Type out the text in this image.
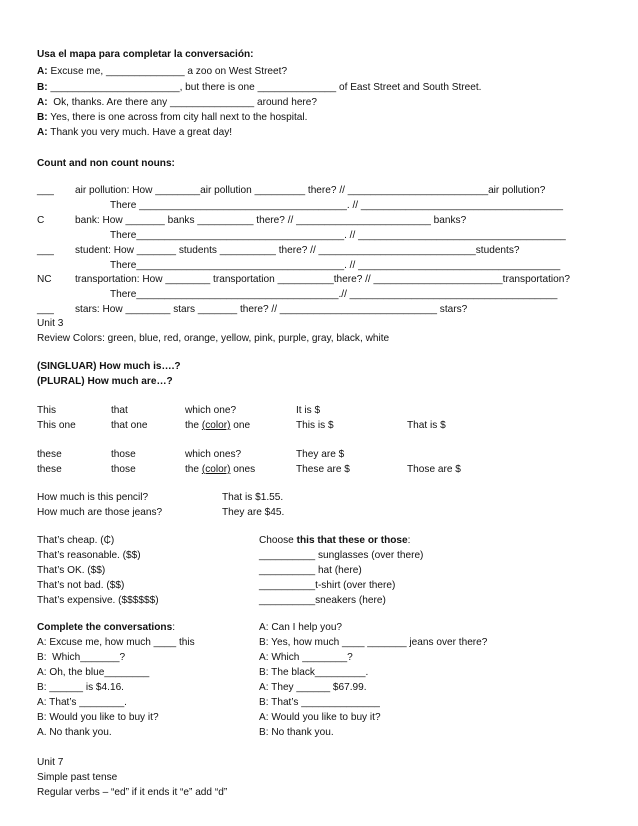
Usa el mapa para completar la conversación:
A: Excuse me, ______________ a zoo on West Street?
B: _______________________, but there is one ______________ of East Street and South Street.
A:  Ok, thanks. Are there any _______________ around here?
B: Yes, there is one across from city hall next to the hospital.
A: Thank you very much. Have a great day!
Count and non count nouns:
___ air pollution: How ________air pollution _________ there? // _________________________air pollution?
There _____________________________________. // ____________________________________
C	bank: How _______ banks __________ there? // ________________________ banks?
There_____________________________________. // _____________________________________
___ student: How _______ students __________ there? // ____________________________students?
There_____________________________________. // ____________________________________
NC transportation: How ________ transportation __________there? // _______________________transportation?
There____________________________________.// _____________________________________
___ stars: How ________ stars _______ there? // ____________________________ stars?
Unit 3
Review Colors: green, blue, red, orange, yellow, pink, purple, gray, black, white
(SINGLUAR) How much is….?
(PLURAL) How much are…?
This	that	which one?	It is $
This one	that one	the (color) one	This is $	That is $
these	those	which ones?	They are $
these	those	the (color) ones	These are $	Those are $
How much is this pencil?	That is $1.55.
How much are those jeans?	They are $45.
That’s cheap. (₵)
That’s reasonable. ($$)
That’s OK. ($$)
That’s not bad. ($$)
That’s expensive. ($$$$$$)
Choose this that these or those:
__________ sunglasses (over there)
__________ hat (here)
__________t-shirt (over there)
__________sneakers (here)
Complete the conversations:
A: Excuse me, how much ____ this
B:  Which_______?
A: Oh, the blue________
B: ______ is $4.16.
A: That’s ________.
B: Would you like to buy it?
A. No thank you.
A: Can I help you?
B: Yes, how much ____ _______ jeans over there?
A: Which ________?
B: The black_________.
A: They ______ $67.99.
B: That’s ______________
A: Would you like to buy it?
B: No thank you.
Unit 7
Simple past tense
Regular verbs – “ed” if it ends it “e” add “d”
